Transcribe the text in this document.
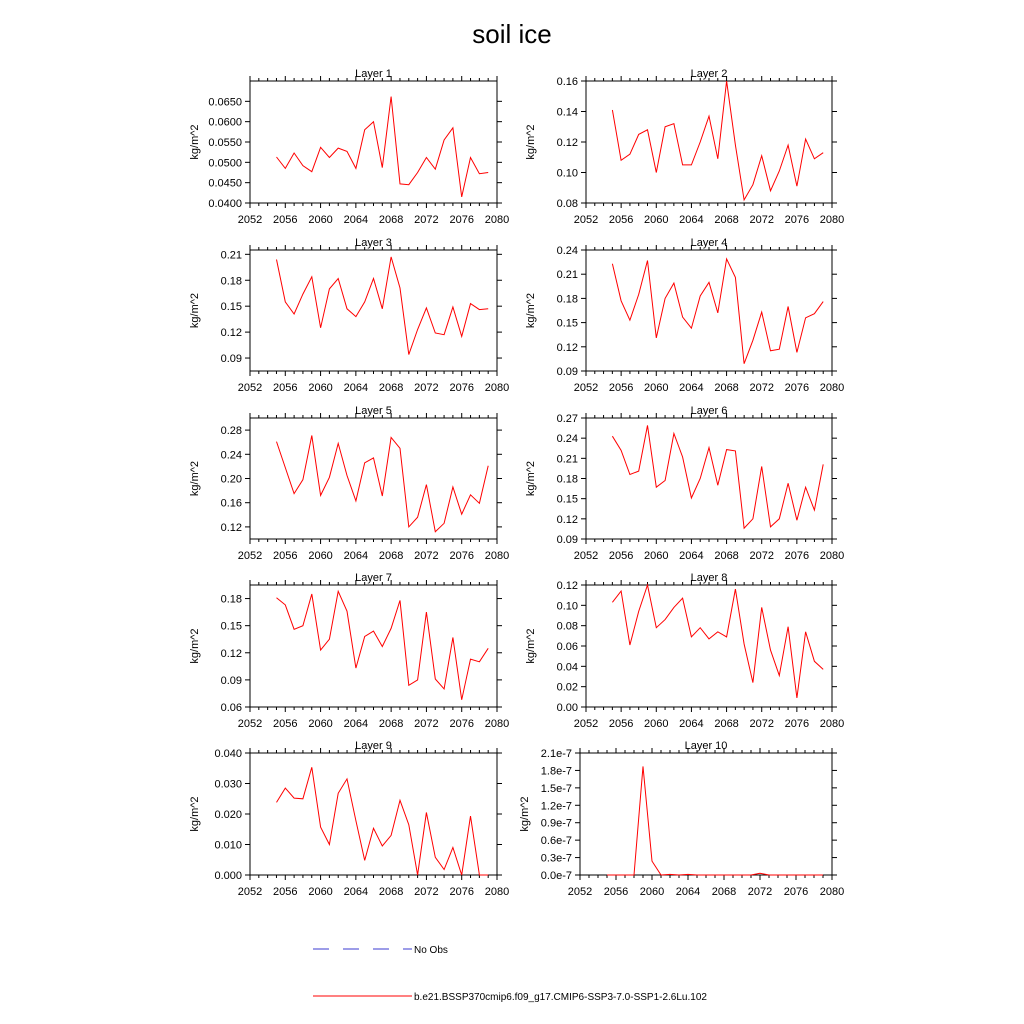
soil ice
Layer 1
kg/m^2
2052 2056 2060 2064 2068 2072 2076 2080
0.0400
0.0450
0.0500
0.0550
0.0600
0.0650
Layer 2
kg/m^2
2052 2056 2060 2064 2068 2072 2076 2080
0.08
0.10
0.12
0.14
0.16
Layer 3
kg/m^2
2052 2056 2060 2064 2068 2072 2076 2080
0.09
0.12
0.15
0.18
0.21
Layer 4
kg/m^2
2052 2056 2060 2064 2068 2072 2076 2080
0.09
0.12
0.15
0.18
0.21
0.24
Layer 5
kg/m^2
2052 2056 2060 2064 2068 2072 2076 2080
0.12
0.16
0.20
0.24
0.28
Layer 6
kg/m^2
2052 2056 2060 2064 2068 2072 2076 2080
0.09
0.12
0.15
0.18
0.21
0.24
0.27
Layer 7
kg/m^2
2052 2056 2060 2064 2068 2072 2076 2080
0.06
0.09
0.12
0.15
0.18
Layer 8
kg/m^2
2052 2056 2060 2064 2068 2072 2076 2080
0.00
0.02
0.04
0.06
0.08
0.10
0.12
Layer 9
kg/m^2
2052 2056 2060 2064 2068 2072 2076 2080
0.000
0.010
0.020
0.030
0.040
Layer 10
kg/m^2
2052 2056 2060 2064 2068 2072 2076 2080
0.0e-7
0.3e-7
0.6e-7
0.9e-7
1.2e-7
1.5e-7
1.8e-7
2.1e-7
No Obs
b.e21.BSSP370cmip6.f09_g17.CMIP6-SSP3-7.0-SSP1-2.6Lu.102
